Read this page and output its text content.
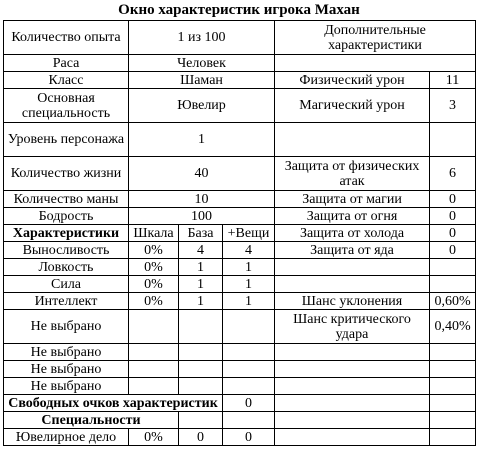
Окно характеристик игрока Махан
Количество опыта	1 из 100			Дополнительные характеристики	
Раса	Человек				
Класс	Шаман			Физический урон	11
Основная специальность	Ювелир			Магический урон	3
Уровень персонажа	1				
Количество жизни	40			Защита от физических атак	6
Количество маны	10			Защита от магии	0
Бодрость	100			Защита от огня	0
Характеристики	Шкала	База	+Вещи	Защита от холода	0
Выносливость	0%	4	4	Защита от яда	0
Ловкость	0%	1	1		
Сила	0%	1	1		
Интеллект	0%	1	1	Шанс уклонения	0,60%
Не выбрано				Шанс критического удара	0,40%
Не выбрано					
Не выбрано					
Не выбрано					
Свободных очков характеристик			0		
Специальности					
Ювелирное дело	0%	0	0		
